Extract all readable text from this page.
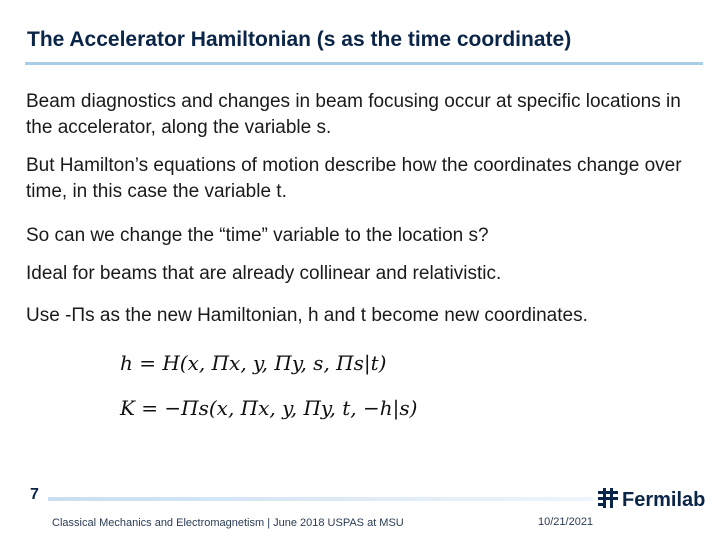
The Accelerator Hamiltonian (s as the time coordinate)
Beam diagnostics and changes in beam focusing occur at specific locations in the accelerator, along the variable s.
But Hamilton’s equations of motion describe how the coordinates change over time, in this case the variable t.
So can we change the “time” variable to the location s?
Ideal for beams that are already collinear and relativistic.
Use -Πs as the new Hamiltonian, h and t become new coordinates.
h = H(x, Πx, y, Πy, s, Πs|t)
K = −Πs(x, Πx, y, Πy, t, −h|s)
7
Classical Mechanics and Electromagnetism | June 2018 USPAS at MSU	10/21/2021
Fermilab
